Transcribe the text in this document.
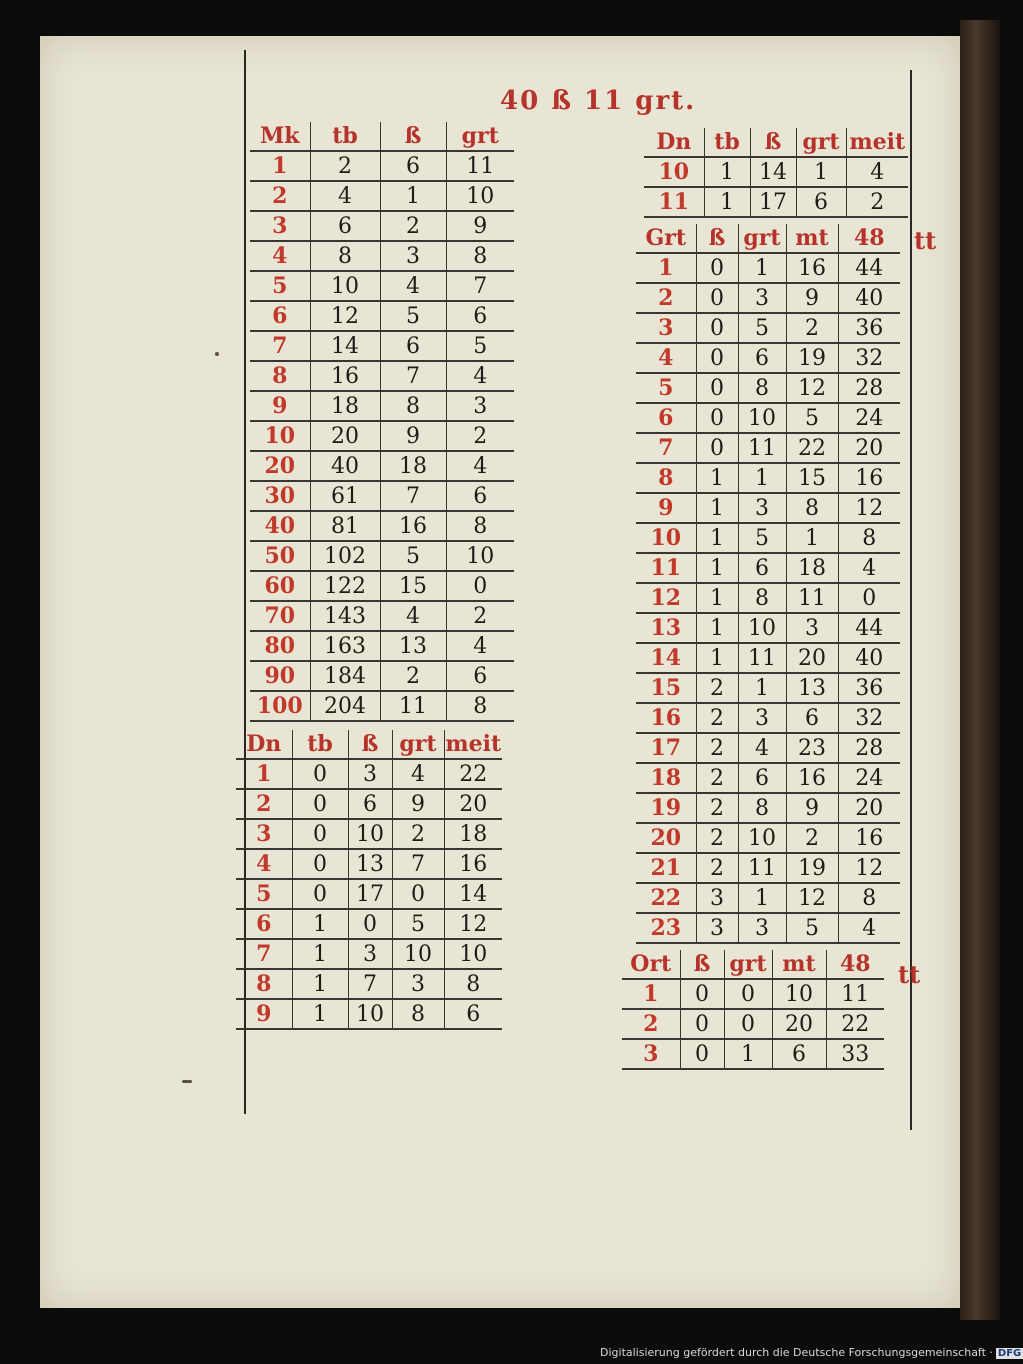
40 ß 11 grt.
Mk	tb	ß	grt
1	2	6	11
2	4	1	10
3	6	2	9
4	8	3	8
5	10	4	7
6	12	5	6
7	14	6	5
8	16	7	4
9	18	8	3
10	20	9	2
20	40	18	4
30	61	7	6
40	81	16	8
50	102	5	10
60	122	15	0
70	143	4	2
80	163	13	4
90	184	2	6
100	204	11	8
Dn	tb	ß	grt	meit
1	0	3	4	22
2	0	6	9	20
3	0	10	2	18
4	0	13	7	16
5	0	17	0	14
6	1	0	5	12
7	1	3	10	10
8	1	7	3	8
9	1	10	8	6
Dn	tb	ß	grt	meit
10	1	14	1	4
11	1	17	6	2
Grt	ß	grt	mt	48
1	0	1	16	44
2	0	3	9	40
3	0	5	2	36
4	0	6	19	32
5	0	8	12	28
6	0	10	5	24
7	0	11	22	20
8	1	1	15	16
9	1	3	8	12
10	1	5	1	8
11	1	6	18	4
12	1	8	11	0
13	1	10	3	44
14	1	11	20	40
15	2	1	13	36
16	2	3	6	32
17	2	4	23	28
18	2	6	16	24
19	2	8	9	20
20	2	10	2	16
21	2	11	19	12
22	3	1	12	8
23	3	3	5	4
Ort	ß	grt	mt	48
1	0	0	10	11
2	0	0	20	22
3	0	1	6	33
tt
tt
Digitalisierung gefördert durch die Deutsche Forschungsgemeinschaft · DFG
